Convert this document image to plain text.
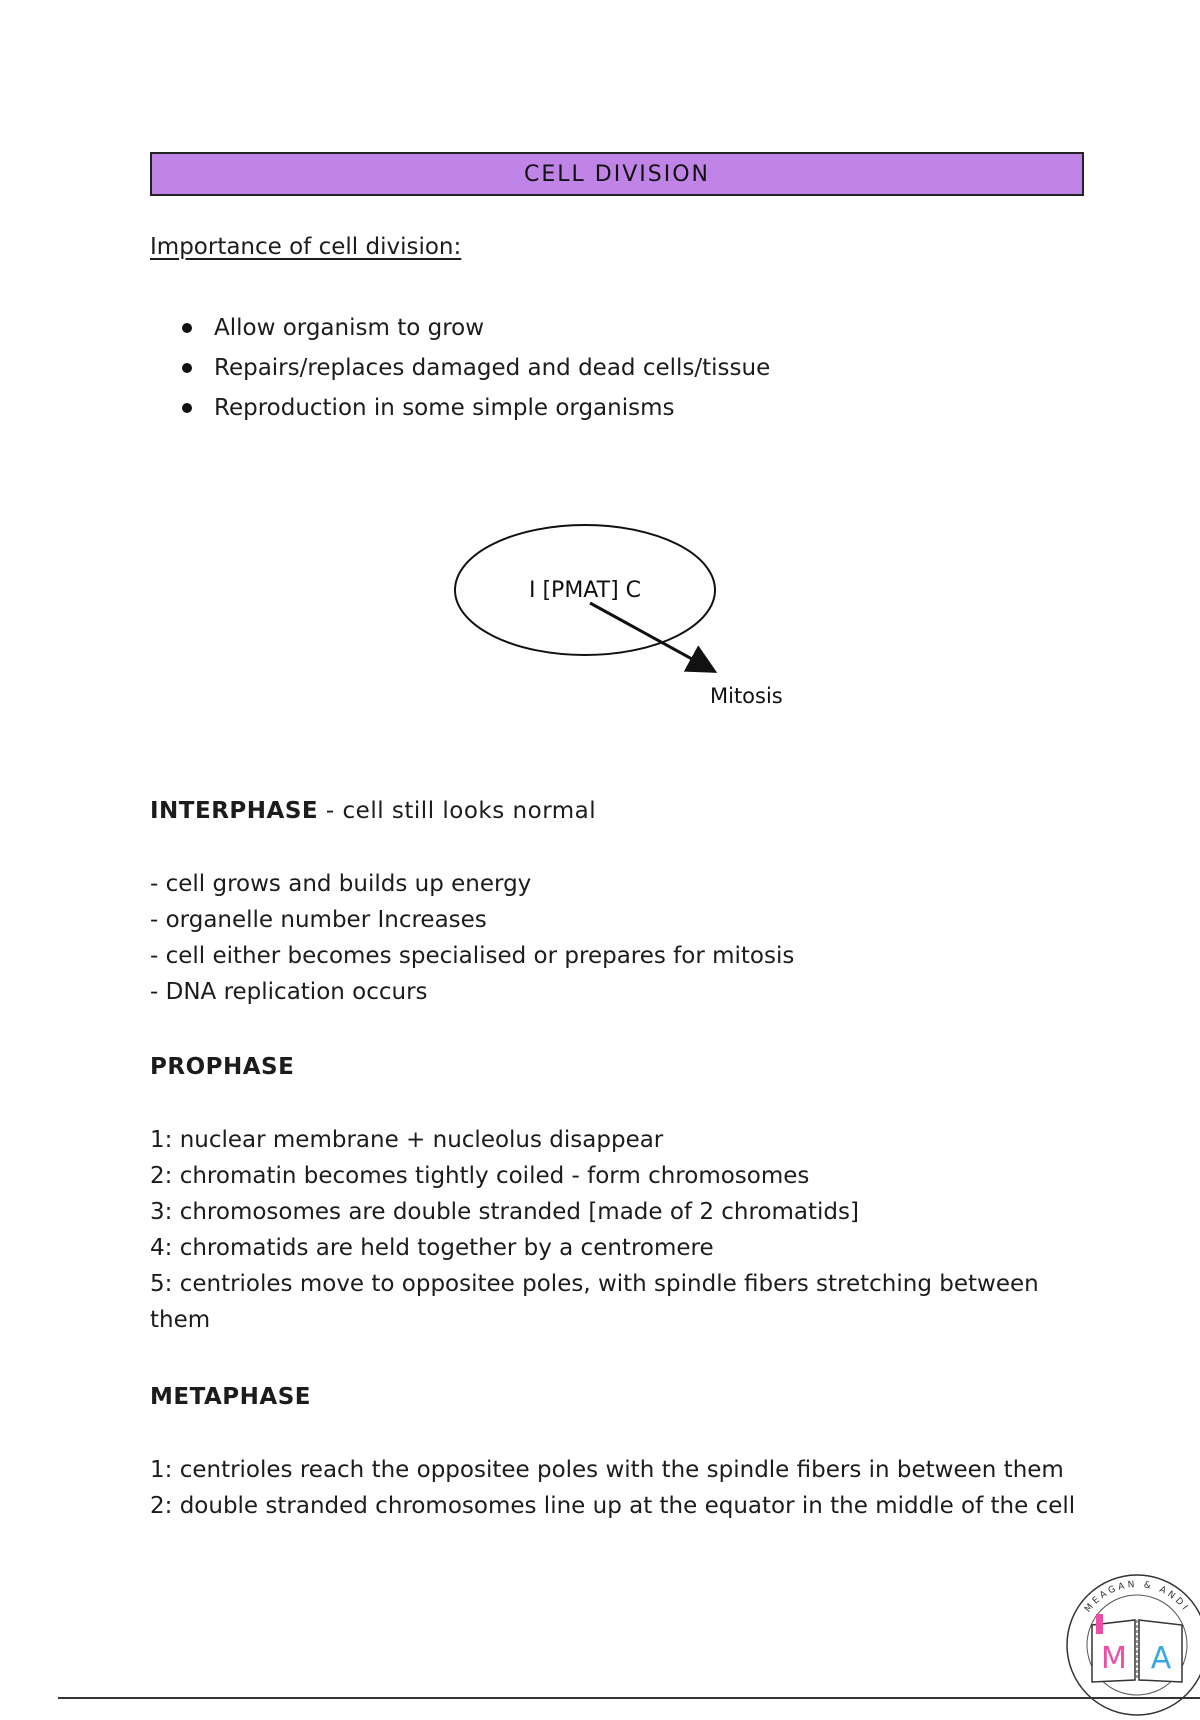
CELL DIVISION
Importance of cell division:
Allow organism to grow
Repairs/replaces damaged and dead cells/tissue
Reproduction in some simple organisms
I [PMAT] C
Mitosis
INTERPHASE - cell still looks normal
- cell grows and builds up energy
- organelle number Increases
- cell either becomes specialised or prepares for mitosis
- DNA replication occurs
PROPHASE
1: nuclear membrane + nucleolus disappear
2: chromatin becomes tightly coiled - form chromosomes
3: chromosomes are double stranded [made of 2 chromatids]
4: chromatids are held together by a centromere
5: centrioles move to oppositee poles, with spindle fibers stretching between them
METAPHASE
1: centrioles reach the oppositee poles with the spindle fibers in between them
2: double stranded chromosomes line up at the equator in the middle of the cell
MEAGAN & ANDI
M A
